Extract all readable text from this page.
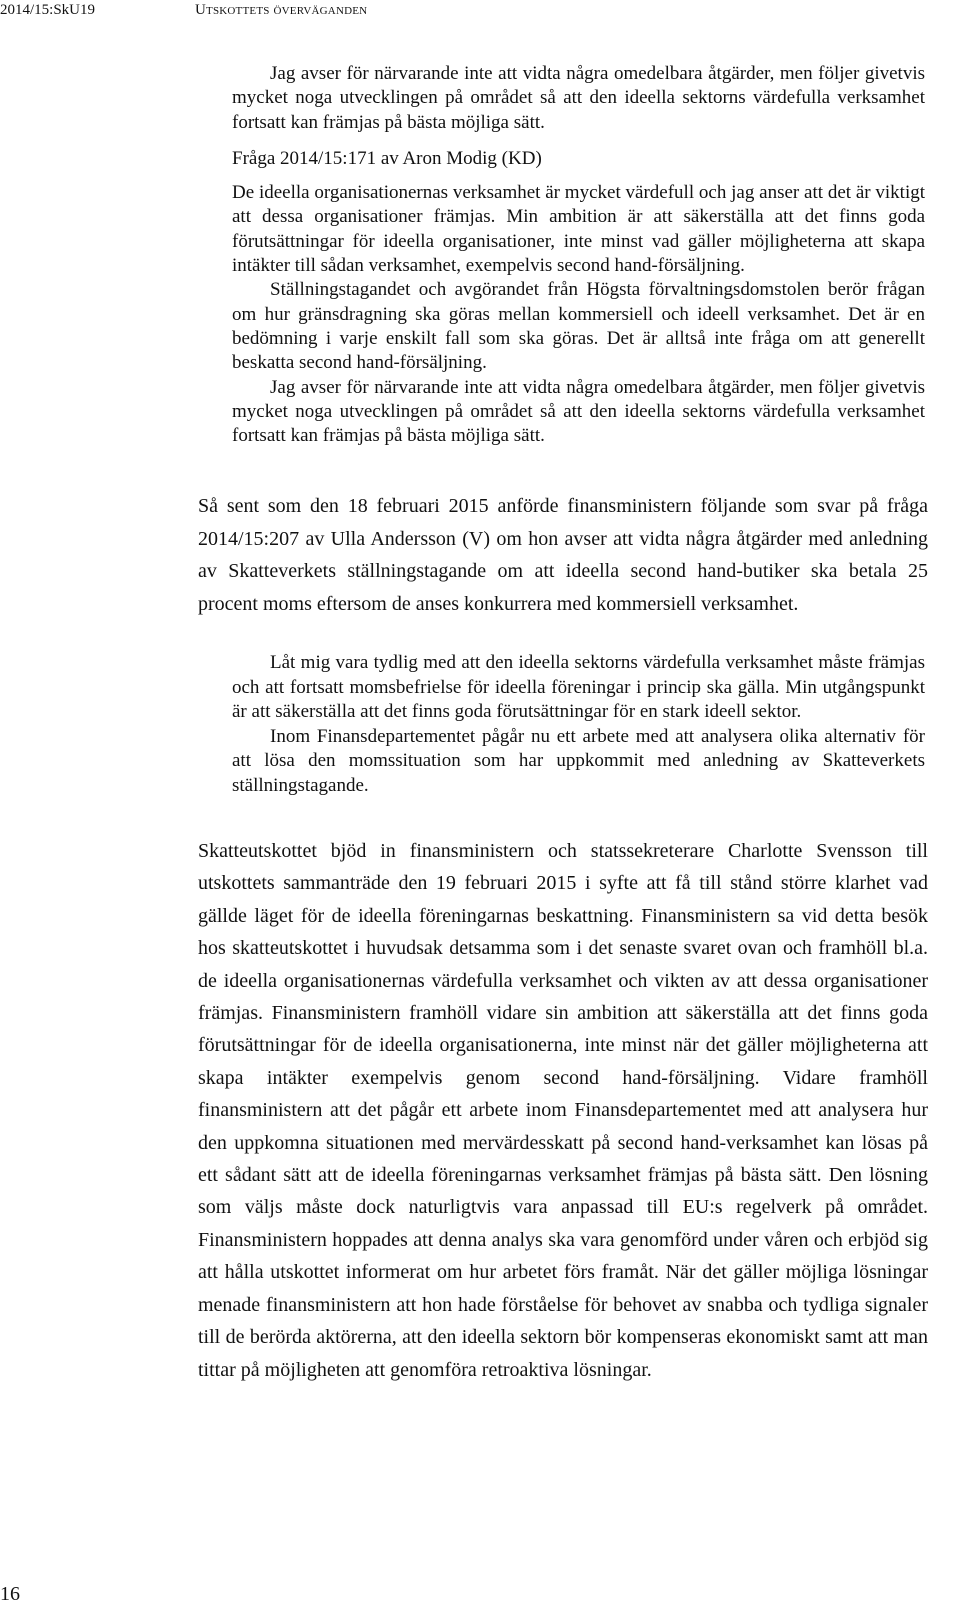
2014/15:SkU19	Utskottets överväganden

Jag avser för närvarande inte att vidta några omedelbara åtgärder, men följer givetvis mycket noga utvecklingen på området så att den ideella sektorns värdefulla verksamhet fortsatt kan främjas på bästa möjliga sätt.

Fråga 2014/15:171 av Aron Modig (KD)

De ideella organisationernas verksamhet är mycket värdefull och jag anser att det är viktigt att dessa organisationer främjas. Min ambition är att säkerställa att det finns goda förutsättningar för ideella organisationer, inte minst vad gäller möjligheterna att skapa intäkter till sådan verksamhet, exempelvis second hand-försäljning.

Ställningstagandet och avgörandet från Högsta förvaltningsdomstolen berör frågan om hur gränsdragning ska göras mellan kommersiell och ideell verksamhet. Det är en bedömning i varje enskilt fall som ska göras. Det är alltså inte fråga om att generellt beskatta second hand-försäljning.

Jag avser för närvarande inte att vidta några omedelbara åtgärder, men följer givetvis mycket noga utvecklingen på området så att den ideella sektorns värdefulla verksamhet fortsatt kan främjas på bästa möjliga sätt.

Så sent som den 18 februari 2015 anförde finansministern följande som svar på fråga 2014/15:207 av Ulla Andersson (V) om hon avser att vidta några åtgärder med anledning av Skatteverkets ställningstagande om att ideella second hand-butiker ska betala 25 procent moms eftersom de anses konkurrera med kommersiell verksamhet.

Låt mig vara tydlig med att den ideella sektorns värdefulla verksamhet måste främjas och att fortsatt momsbefrielse för ideella föreningar i princip ska gälla. Min utgångspunkt är att säkerställa att det finns goda förutsättningar för en stark ideell sektor.

Inom Finansdepartementet pågår nu ett arbete med att analysera olika alternativ för att lösa den momssituation som har uppkommit med anledning av Skatteverkets ställningstagande.

Skatteutskottet bjöd in finansministern och statssekreterare Charlotte Svensson till utskottets sammanträde den 19 februari 2015 i syfte att få till stånd större klarhet vad gällde läget för de ideella föreningarnas beskattning. Finansministern sa vid detta besök hos skatteutskottet i huvudsak detsamma som i det senaste svaret ovan och framhöll bl.a. de ideella organisationernas värdefulla verksamhet och vikten av att dessa organisationer främjas. Finansministern framhöll vidare sin ambition att säkerställa att det finns goda förutsättningar för de ideella organisationerna, inte minst när det gäller möjligheterna att skapa intäkter exempelvis genom second hand-försäljning. Vidare framhöll finansministern att det pågår ett arbete inom Finansdepartementet med att analysera hur den uppkomna situationen med mervärdesskatt på second hand-verksamhet kan lösas på ett sådant sätt att de ideella föreningarnas verksamhet främjas på bästa sätt. Den lösning som väljs måste dock naturligtvis vara anpassad till EU:s regelverk på området. Finansministern hoppades att denna analys ska vara genomförd under våren och erbjöd sig att hålla utskottet informerat om hur arbetet förs framåt. När det gäller möjliga lösningar menade finansministern att hon hade förståelse för behovet av snabba och tydliga signaler till de berörda aktörerna, att den ideella sektorn bör kompenseras ekonomiskt samt att man tittar på möjligheten att genomföra retroaktiva lösningar.

16
